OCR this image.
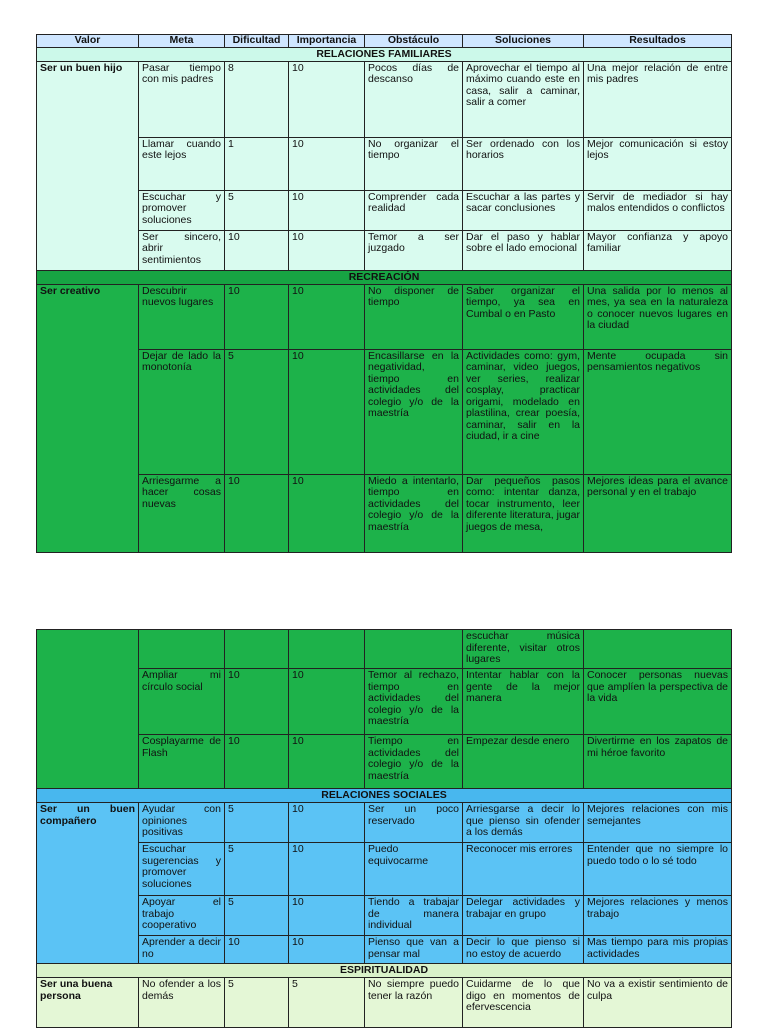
Valor	Meta	Dificultad	Importancia	Obstáculo	Soluciones	Resultados
RELACIONES FAMILIARES						
Ser un buen hijo	Pasar tiempo con mis padres	8	10	Pocos días de descanso	Aprovechar el tiempo al máximo cuando este en casa, salir a caminar, salir a comer	Una mejor relación de entre mis padres
	Llamar cuando este lejos	1	10	No organizar el tiempo	Ser ordenado con los horarios	Mejor comunicación si estoy lejos
	Escuchar y promover soluciones	5	10	Comprender cada realidad	Escuchar a las partes y sacar conclusiones	Servir de mediador si hay malos entendidos o conflictos
	Ser sincero, abrir sentimientos	10	10	Temor a ser juzgado	Dar el paso y hablar sobre el lado emocional	Mayor confianza y apoyo familiar
RECREACIÓN						
Ser creativo	Descubrir nuevos lugares	10	10	No disponer de tiempo	Saber organizar el tiempo, ya sea en Cumbal o en Pasto	Una salida por lo menos al mes, ya sea en la naturaleza o conocer nuevos lugares en la ciudad
	Dejar de lado la monotonía	5	10	Encasillarse en la negatividad, tiempo en actividades del colegio y/o de la maestría	Actividades como: gym, caminar, video juegos, ver series, realizar cosplay, practicar origami, modelado en plastilina, crear poesía, caminar, salir en la ciudad, ir a cine	Mente ocupada sin pensamientos negativos
	Arriesgarme a hacer cosas nuevas	10	10	Miedo a intentarlo, tiempo en actividades del colegio y/o de la maestría	Dar pequeños pasos como: intentar danza, tocar instrumento, leer diferente literatura, jugar juegos de mesa,	Mejores ideas para el avance personal y en el trabajo
					escuchar música diferente, visitar otros lugares	
	Ampliar mi círculo social	10	10	Temor al rechazo, tiempo en actividades del colegio y/o de la maestría	Intentar hablar con la gente de la mejor manera	Conocer personas nuevas que amplíen la perspectiva de la vida
	Cosplayarme de Flash	10	10	Tiempo en actividades del colegio y/o de la maestría	Empezar desde enero	Divertirme en los zapatos de mi héroe favorito
RELACIONES SOCIALES						
Ser un buen compañero	Ayudar con opiniones positivas	5	10	Ser un poco reservado	Arriesgarse a decir lo que pienso sin ofender a los demás	Mejores relaciones con mis semejantes
	Escuchar sugerencias y promover soluciones	5	10	Puedo equivocarme	Reconocer mis errores	Entender que no siempre lo puedo todo o lo sé todo
	Apoyar el trabajo cooperativo	5	10	Tiendo a trabajar de manera individual	Delegar actividades y trabajar en grupo	Mejores relaciones y menos trabajo
	Aprender a decir no	10	10	Pienso que van a pensar mal	Decir lo que pienso si no estoy de acuerdo	Mas tiempo para mis propias actividades
ESPIRITUALIDAD						
Ser una buena persona	No ofender a los demás	5	5	No siempre puedo tener la razón	Cuidarme de lo que digo en momentos de efervescencia	No va a existir sentimiento de culpa
